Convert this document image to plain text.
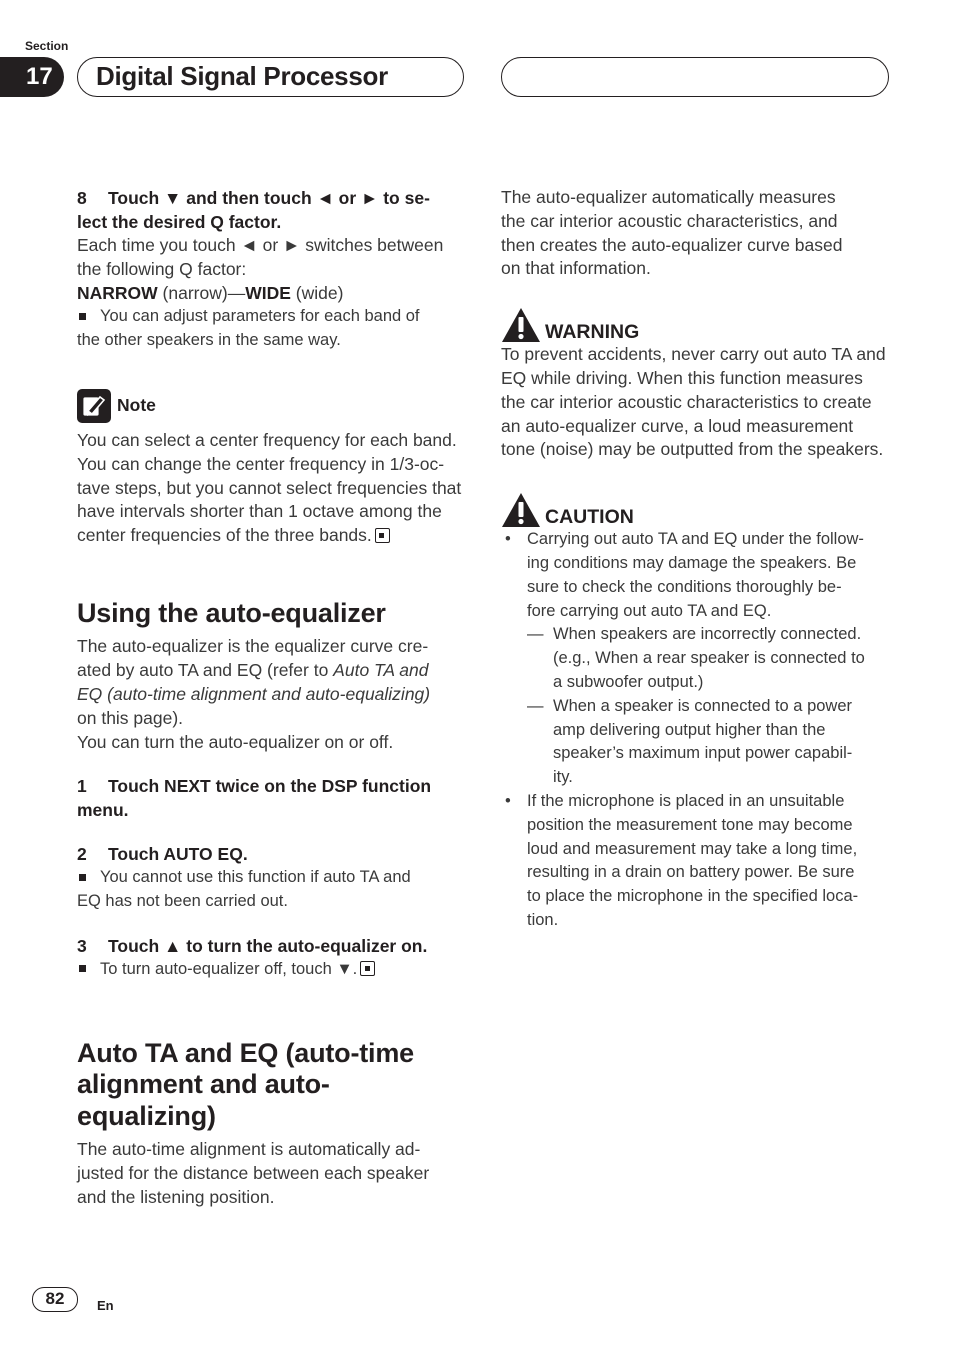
Section
17	Digital Signal Processor
8 Touch ▼ and then touch ◄ or ► to se-
lect the desired Q factor.

Each time you touch ◄ or ► switches between
the following Q factor:
NARROW (narrow)—WIDE (wide)

You can adjust parameters for each band of
the other speakers in the same way.
Note

You can select a center frequency for each band.
You can change the center frequency in 1/3-oc-
tave steps, but you cannot select frequencies that
have intervals shorter than 1 octave among the
center frequencies of the three bands.

Using the auto-equalizer

The auto-equalizer is the equalizer curve cre-
ated by auto TA and EQ (refer to Auto TA and
EQ (auto-time alignment and auto-equalizing)
on this page).
You can turn the auto-equalizer on or off.

1 Touch NEXT twice on the DSP function
menu.
2 Touch AUTO EQ.
You cannot use this function if auto TA and
EQ has not been carried out.
3 Touch ▲ to turn the auto-equalizer on.
To turn auto-equalizer off, touch ▼.
Auto TA and EQ (auto-time
alignment and auto-
equalizing)

The auto-time alignment is automatically ad-
justed for the distance between each speaker
and the listening position.

The auto-equalizer automatically measures
the car interior acoustic characteristics, and
then creates the auto-equalizer curve based
on that information.

WARNING

To prevent accidents, never carry out auto TA and
EQ while driving. When this function measures
the car interior acoustic characteristics to create
an auto-equalizer curve, a loud measurement
tone (noise) may be outputted from the speakers.

CAUTION
• Carrying out auto TA and EQ under the follow-
ing conditions may damage the speakers. Be
sure to check the conditions thoroughly be-
fore carrying out auto TA and EQ.
— When speakers are incorrectly connected.
(e.g., When a rear speaker is connected to
a subwoofer output.)
— When a speaker is connected to a power
amp delivering output higher than the
speaker’s maximum input power capabil-
ity.
• If the microphone is placed in an unsuitable
position the measurement tone may become
loud and measurement may take a long time,
resulting in a drain on battery power. Be sure
to place the microphone in the specified loca-
tion.
82	En
